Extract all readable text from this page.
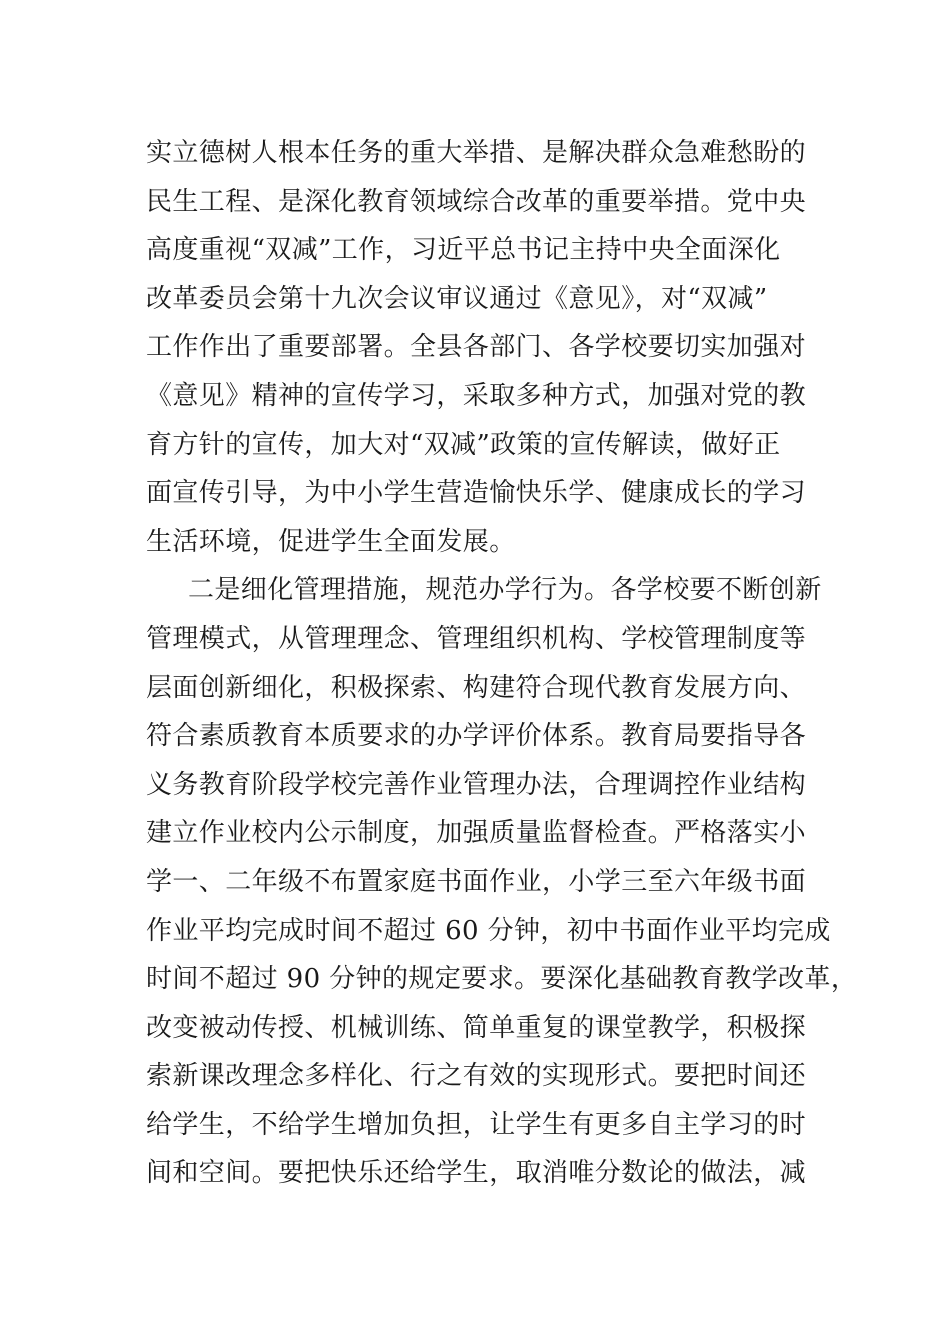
实立德树人根本任务的重大举措、是解决群众急难愁盼的
民生工程、是深化教育领域综合改革的重要举措。党中央
高度重视“双减”工作，习近平总书记主持中央全面深化
改革委员会第十九次会议审议通过《意见》，对“双减”
工作作出了重要部署。全县各部门、各学校要切实加强对
《意见》精神的宣传学习，采取多种方式，加强对党的教
育方针的宣传，加大对“双减”政策的宣传解读，做好正
面宣传引导，为中小学生营造愉快乐学、健康成长的学习
生活环境，促进学生全面发展。
二是细化管理措施，规范办学行为。各学校要不断创新
管理模式，从管理理念、管理组织机构、学校管理制度等
层面创新细化，积极探索、构建符合现代教育发展方向、
符合素质教育本质要求的办学评价体系。教育局要指导各
义务教育阶段学校完善作业管理办法，合理调控作业结构
建立作业校内公示制度，加强质量监督检查。严格落实小
学一、二年级不布置家庭书面作业，小学三至六年级书面
作业平均完成时间不超过 60 分钟，初中书面作业平均完成
时间不超过 90 分钟的规定要求。要深化基础教育教学改革，
改变被动传授、机械训练、简单重复的课堂教学，积极探
索新课改理念多样化、行之有效的实现形式。要把时间还
给学生，不给学生增加负担，让学生有更多自主学习的时
间和空间。要把快乐还给学生，取消唯分数论的做法，减
